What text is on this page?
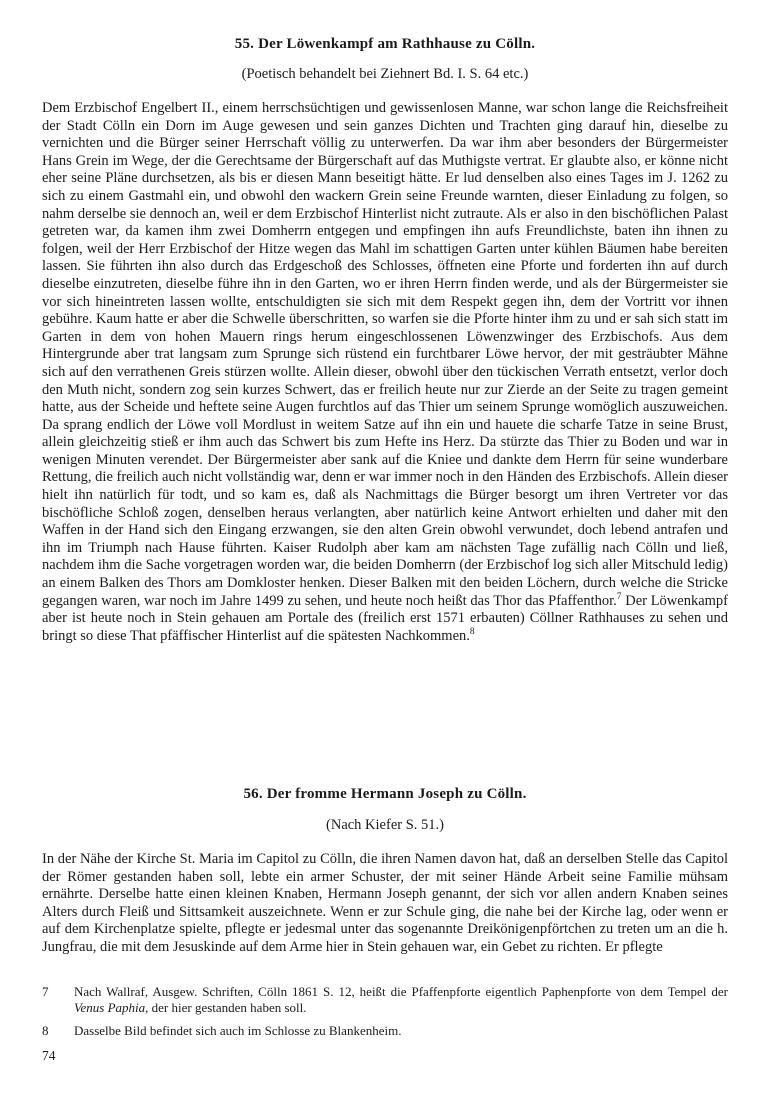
55. Der Löwenkampf am Rathhause zu Cölln.
(Poetisch behandelt bei Ziehnert Bd. I. S. 64 etc.)

Dem Erzbischof Engelbert II., einem herrschsüchtigen und gewissenlosen Manne, war schon lange die Reichsfreiheit der Stadt Cölln ein Dorn im Auge gewesen und sein ganzes Dichten und Trachten ging darauf hin, dieselbe zu vernichten und die Bürger seiner Herrschaft völlig zu unterwerfen. Da war ihm aber besonders der Bürgermeister Hans Grein im Wege, der die Gerechtsame der Bürgerschaft auf das Muthigste vertrat. Er glaubte also, er könne nicht eher seine Pläne durchsetzen, als bis er diesen Mann beseitigt hätte. Er lud denselben also eines Tages im J. 1262 zu sich zu einem Gastmahl ein, und obwohl den wackern Grein seine Freunde warnten, dieser Einladung zu folgen, so nahm derselbe sie dennoch an, weil er dem Erzbischof Hinterlist nicht zutraute. Als er also in den bischöflichen Palast getreten war, da kamen ihm zwei Domherrn entgegen und empfingen ihn aufs Freundlichste, baten ihn ihnen zu folgen, weil der Herr Erzbischof der Hitze wegen das Mahl im schattigen Garten unter kühlen Bäumen habe bereiten lassen. Sie führten ihn also durch das Erdgeschoß des Schlosses, öffneten eine Pforte und forderten ihn auf durch dieselbe einzutreten, dieselbe führe ihn in den Garten, wo er ihren Herrn finden werde, und als der Bürgermeister sie vor sich hineintreten lassen wollte, entschuldigten sie sich mit dem Respekt gegen ihn, dem der Vortritt vor ihnen gebühre. Kaum hatte er aber die Schwelle überschritten, so warfen sie die Pforte hinter ihm zu und er sah sich statt im Garten in dem von hohen Mauern rings herum eingeschlossenen Löwenzwinger des Erzbischofs. Aus dem Hintergrunde aber trat langsam zum Sprunge sich rüstend ein furchtbarer Löwe hervor, der mit gesträubter Mähne sich auf den verrathenen Greis stürzen wollte. Allein dieser, obwohl über den tückischen Verrath entsetzt, verlor doch den Muth nicht, sondern zog sein kurzes Schwert, das er freilich heute nur zur Zierde an der Seite zu tragen gemeint hatte, aus der Scheide und heftete seine Augen furchtlos auf das Thier um seinem Sprunge womöglich auszuweichen. Da sprang endlich der Löwe voll Mordlust in weitem Satze auf ihn ein und hauete die scharfe Tatze in seine Brust, allein gleichzeitig stieß er ihm auch das Schwert bis zum Hefte ins Herz. Da stürzte das Thier zu Boden und war in wenigen Minuten verendet. Der Bürgermeister aber sank auf die Kniee und dankte dem Herrn für seine wunderbare Rettung, die freilich auch nicht vollständig war, denn er war immer noch in den Händen des Erzbischofs. Allein dieser hielt ihn natürlich für todt, und so kam es, daß als Nachmittags die Bürger besorgt um ihren Vertreter vor das bischöfliche Schloß zogen, denselben heraus verlangten, aber natürlich keine Antwort erhielten und daher mit den Waffen in der Hand sich den Eingang erzwangen, sie den alten Grein obwohl verwundet, doch lebend antrafen und ihn im Triumph nach Hause führten. Kaiser Rudolph aber kam am nächsten Tage zufällig nach Cölln und ließ, nachdem ihm die Sache vorgetragen worden war, die beiden Domherrn (der Erzbischof log sich aller Mitschuld ledig) an einem Balken des Thors am Domkloster henken. Dieser Balken mit den beiden Löchern, durch welche die Stricke gegangen waren, war noch im Jahre 1499 zu sehen, und heute noch heißt das Thor das Pfaffenthor.$^7$ Der Löwenkampf aber ist heute noch in Stein gehauen am Portale des (freilich erst 1571 erbauten) Cöllner Rathhauses zu sehen und bringt so diese That pfäffischer Hinterlist auf die spätesten Nachkommen.$^8$

56. Der fromme Hermann Joseph zu Cölln.
(Nach Kiefer S. 51.)

In der Nähe der Kirche St. Maria im Capitol zu Cölln, die ihren Namen davon hat, daß an derselben Stelle das Capitol der Römer gestanden haben soll, lebte ein armer Schuster, der mit seiner Hände Arbeit seine Familie mühsam ernährte. Derselbe hatte einen kleinen Knaben, Hermann Joseph genannt, der sich vor allen andern Knaben seines Alters durch Fleiß und Sittsamkeit auszeichnete. Wenn er zur Schule ging, die nahe bei der Kirche lag, oder wenn er auf dem Kirchenplatze spielte, pflegte er jedesmal unter das sogenannte Dreikönigenpförtchen zu treten um an die h. Jungfrau, die mit dem Jesuskinde auf dem Arme hier in Stein gehauen war, ein Gebet zu richten. Er pflegte

7	Nach Wallraf, Ausgew. Schriften, Cölln 1861 S. 12, heißt die Pfaffenpforte eigentlich Paphenpforte von dem Tempel der Venus Paphia, der hier gestanden haben soll.
8	Dasselbe Bild befindet sich auch im Schlosse zu Blankenheim.
74
